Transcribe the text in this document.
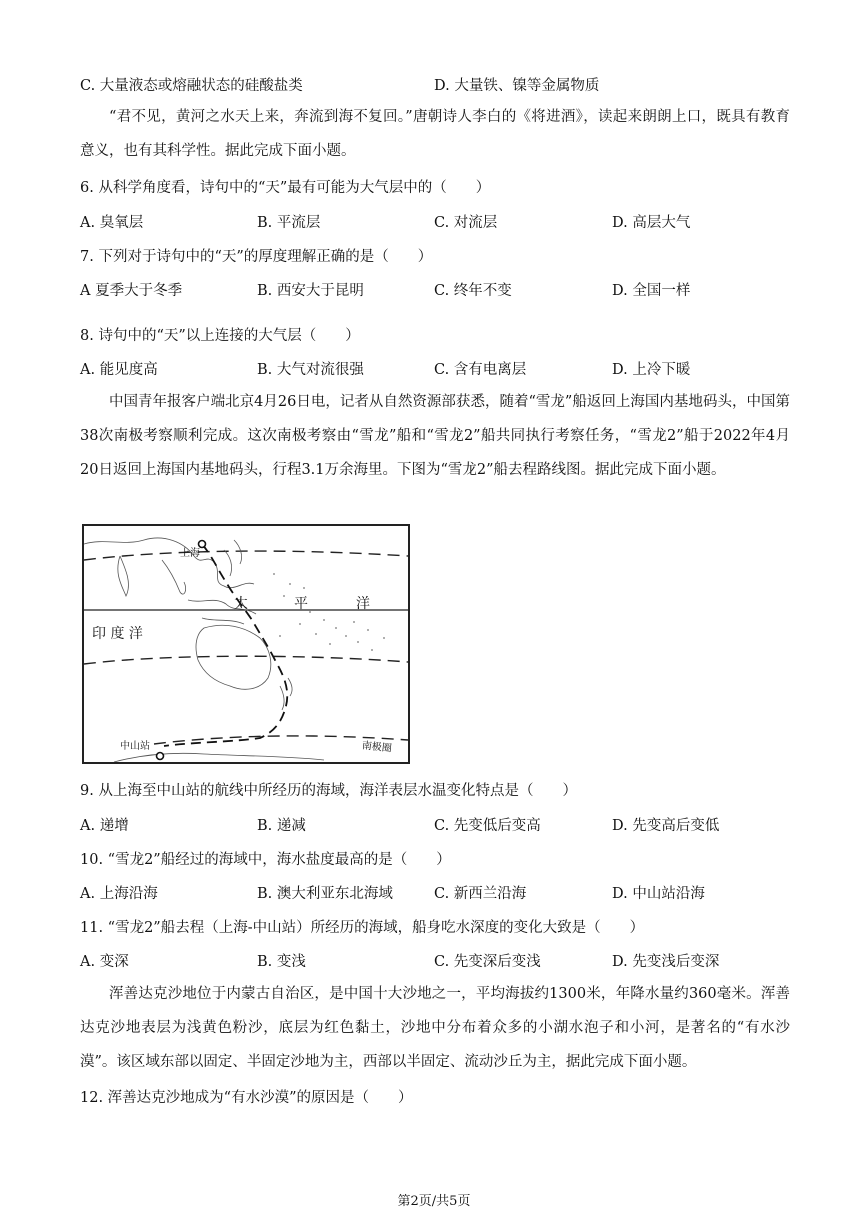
C. 大量液态或熔融状态的硅酸盐类	D. 大量铁、镍等金属物质
“君不见，黄河之水天上来，奔流到海不复回。”唐朝诗人李白的《将进酒》，读起来朗朗上口，既具有教育意义，也有其科学性。据此完成下面小题。
6. 从科学角度看，诗句中的“天”最有可能为大气层中的（　　）
A. 臭氧层	B. 平流层	C. 对流层	D. 高层大气
7. 下列对于诗句中的“天”的厚度理解正确的是（　　）
A 夏季大于冬季	B. 西安大于昆明	C. 终年不变	D. 全国一样
8. 诗句中的“天”以上连接的大气层（　　）
A. 能见度高	B. 大气对流很强	C. 含有电离层	D. 上冷下暖
中国青年报客户端北京4月26日电，记者从自然资源部获悉，随着“雪龙”船返回上海国内基地码头，中国第38次南极考察顺利完成。这次南极考察由“雪龙”船和“雪龙2”船共同执行考察任务，“雪龙2”船于2022年4月20日返回上海国内基地码头，行程3.1万余海里。下图为“雪龙2”船去程路线图。据此完成下面小题。
上海
太	平	洋
印 度 洋
中山站	南极圈
9. 从上海至中山站的航线中所经历的海域，海洋表层水温变化特点是（　　）
A. 递增	B. 递减	C. 先变低后变高	D. 先变高后变低
10. “雪龙2”船经过的海域中，海水盐度最高的是（　　）
A. 上海沿海	B. 澳大利亚东北海域	C. 新西兰沿海	D. 中山站沿海
11. “雪龙2”船去程（上海-中山站）所经历的海域，船身吃水深度的变化大致是（　　）
A. 变深	B. 变浅	C. 先变深后变浅	D. 先变浅后变深
浑善达克沙地位于内蒙古自治区，是中国十大沙地之一，平均海拔约1300米，年降水量约360毫米。浑善达克沙地表层为浅黄色粉沙，底层为红色黏土，沙地中分布着众多的小湖水泡子和小河，是著名的“有水沙漠”。该区域东部以固定、半固定沙地为主，西部以半固定、流动沙丘为主，据此完成下面小题。
12. 浑善达克沙地成为“有水沙漠”的原因是（　　）
第2页/共5页
